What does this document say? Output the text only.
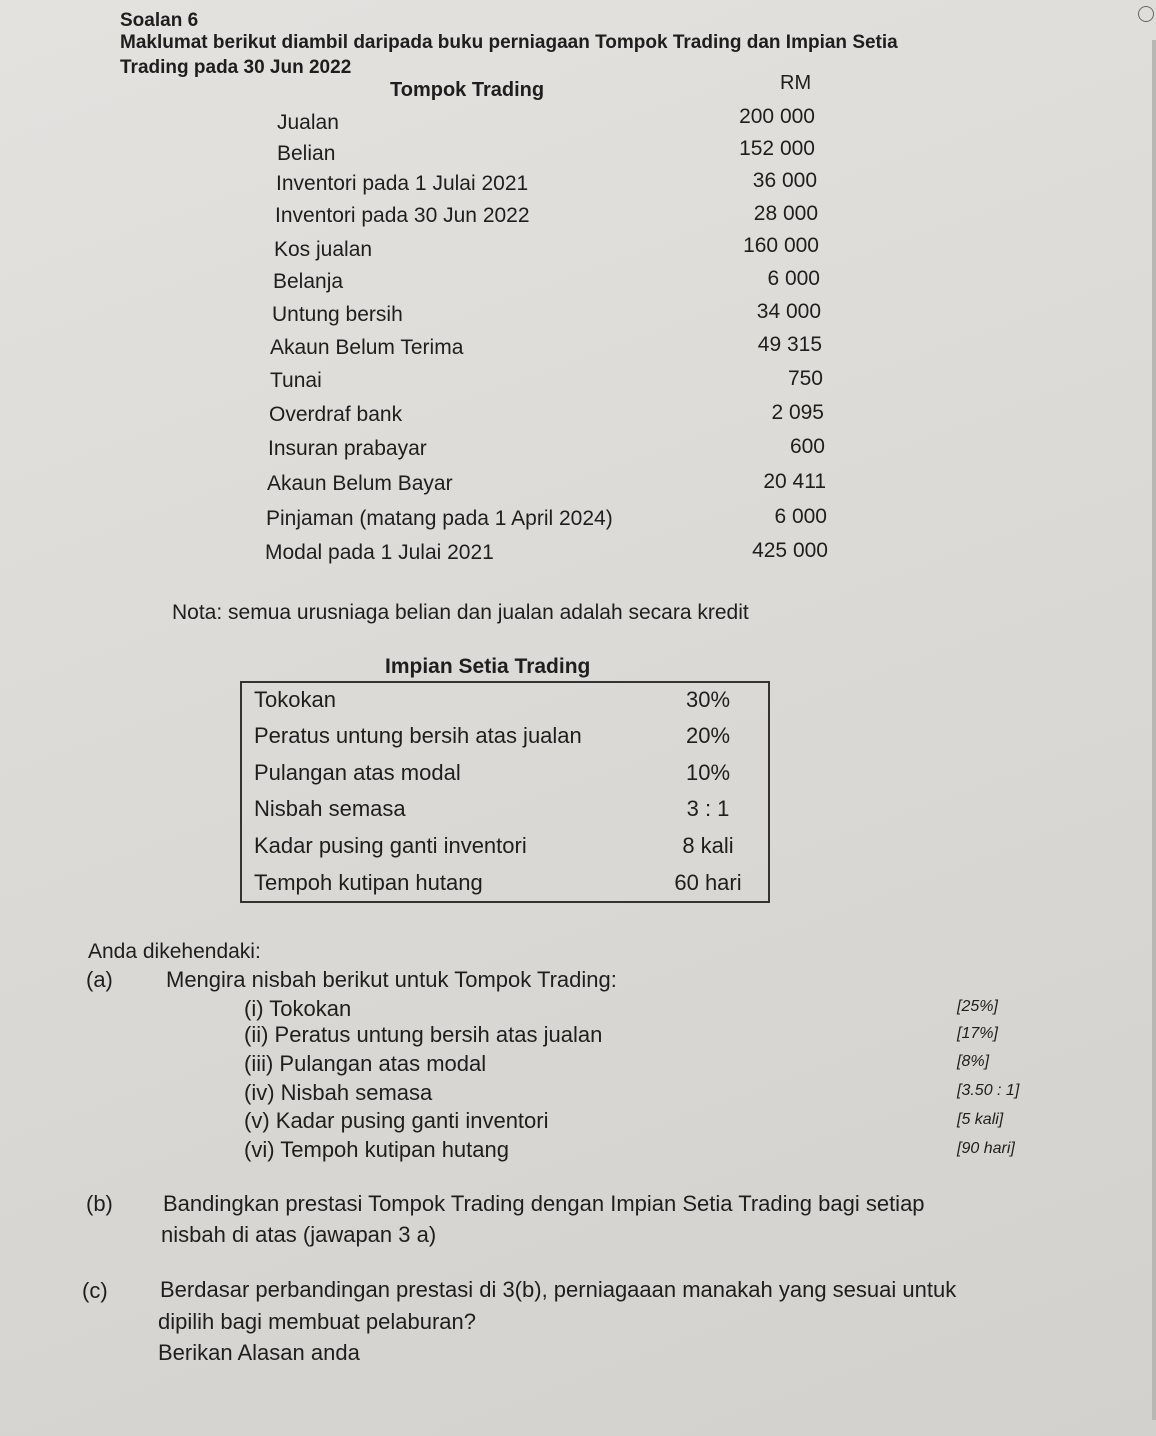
Soalan 6
Maklumat berikut diambil daripada buku perniagaan Tompok Trading dan Impian Setia
Trading pada 30 Jun 2022
Tompok Trading	RM
Jualan	200 000
Belian	152 000
Inventori pada 1 Julai 2021	36 000
Inventori pada 30 Jun 2022	28 000
Kos jualan	160 000
Belanja	6 000
Untung bersih	34 000
Akaun Belum Terima	49 315
Tunai	750
Overdraf bank	2 095
Insuran prabayar	600
Akaun Belum Bayar	20 411
Pinjaman (matang pada 1 April 2024)	6 000
Modal pada 1 Julai 2021	425 000
Nota: semua urusniaga belian dan jualan adalah secara kredit
Impian Setia Trading
Tokokan	30%
Peratus untung bersih atas jualan	20%
Pulangan atas modal	10%
Nisbah semasa	3 : 1
Kadar pusing ganti inventori	8 kali
Tempoh kutipan hutang	60 hari
Anda dikehendaki:
(a) Mengira nisbah berikut untuk Tompok Trading:
(i) Tokokan	[25%]
(ii) Peratus untung bersih atas jualan	[17%]
(iii) Pulangan atas modal	[8%]
(iv) Nisbah semasa	[3.50 : 1]
(v) Kadar pusing ganti inventori	[5 kali]
(vi) Tempoh kutipan hutang	[90 hari]
(b) Bandingkan prestasi Tompok Trading dengan Impian Setia Trading bagi setiap
nisbah di atas (jawapan 3 a)
(c) Berdasar perbandingan prestasi di 3(b), perniagaaan manakah yang sesuai untuk
dipilih bagi membuat pelaburan?
Berikan Alasan anda
